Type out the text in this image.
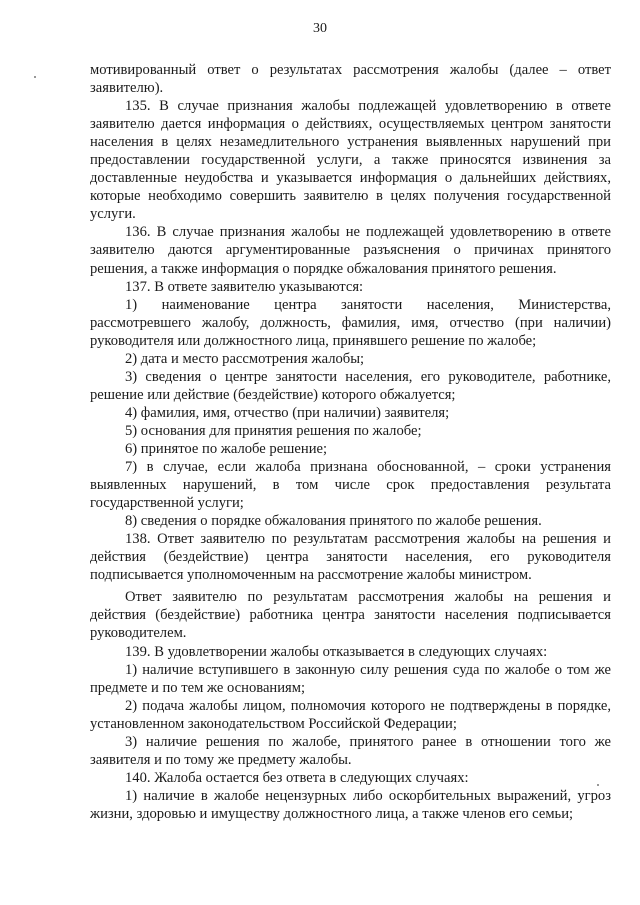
30

мотивированный ответ о результатах рассмотрения жалобы (далее – ответ заявителю).

135. В случае признания жалобы подлежащей удовлетворению в ответе заявителю дается информация о действиях, осуществляемых центром занятости населения в целях незамедлительного устранения выявленных нарушений при предоставлении государственной услуги, а также приносятся извинения за доставленные неудобства и указывается информация о дальнейших действиях, которые необходимо совершить заявителю в целях получения государственной услуги.

136. В случае признания жалобы не подлежащей удовлетворению в ответе заявителю даются аргументированные разъяснения о причинах принятого решения, а также информация о порядке обжалования принятого решения.

137. В ответе заявителю указываются:

1) наименование центра занятости населения, Министерства, рассмотревшего жалобу, должность, фамилия, имя, отчество (при наличии) руководителя или должностного лица, принявшего решение по жалобе;

2) дата и место рассмотрения жалобы;

3) сведения о центре занятости населения, его руководителе, работнике, решение или действие (бездействие) которого обжалуется;

4) фамилия, имя, отчество (при наличии) заявителя;

5) основания для принятия решения по жалобе;

6) принятое по жалобе решение;

7) в случае, если жалоба признана обоснованной, – сроки устранения выявленных нарушений, в том числе срок предоставления результата государственной услуги;

8) сведения о порядке обжалования принятого по жалобе решения.

138. Ответ заявителю по результатам рассмотрения жалобы на решения и действия (бездействие) центра занятости населения, его руководителя подписывается уполномоченным на рассмотрение жалобы министром.

Ответ заявителю по результатам рассмотрения жалобы на решения и действия (бездействие) работника центра занятости населения подписывается руководителем.

139. В удовлетворении жалобы отказывается в следующих случаях:

1) наличие вступившего в законную силу решения суда по жалобе о том же предмете и по тем же основаниям;

2) подача жалобы лицом, полномочия которого не подтверждены в порядке, установленном законодательством Российской Федерации;

3) наличие решения по жалобе, принятого ранее в отношении того же заявителя и по тому же предмету жалобы.

140. Жалоба остается без ответа в следующих случаях:

1) наличие в жалобе нецензурных либо оскорбительных выражений, угроз жизни, здоровью и имуществу должностного лица, а также членов его семьи;
